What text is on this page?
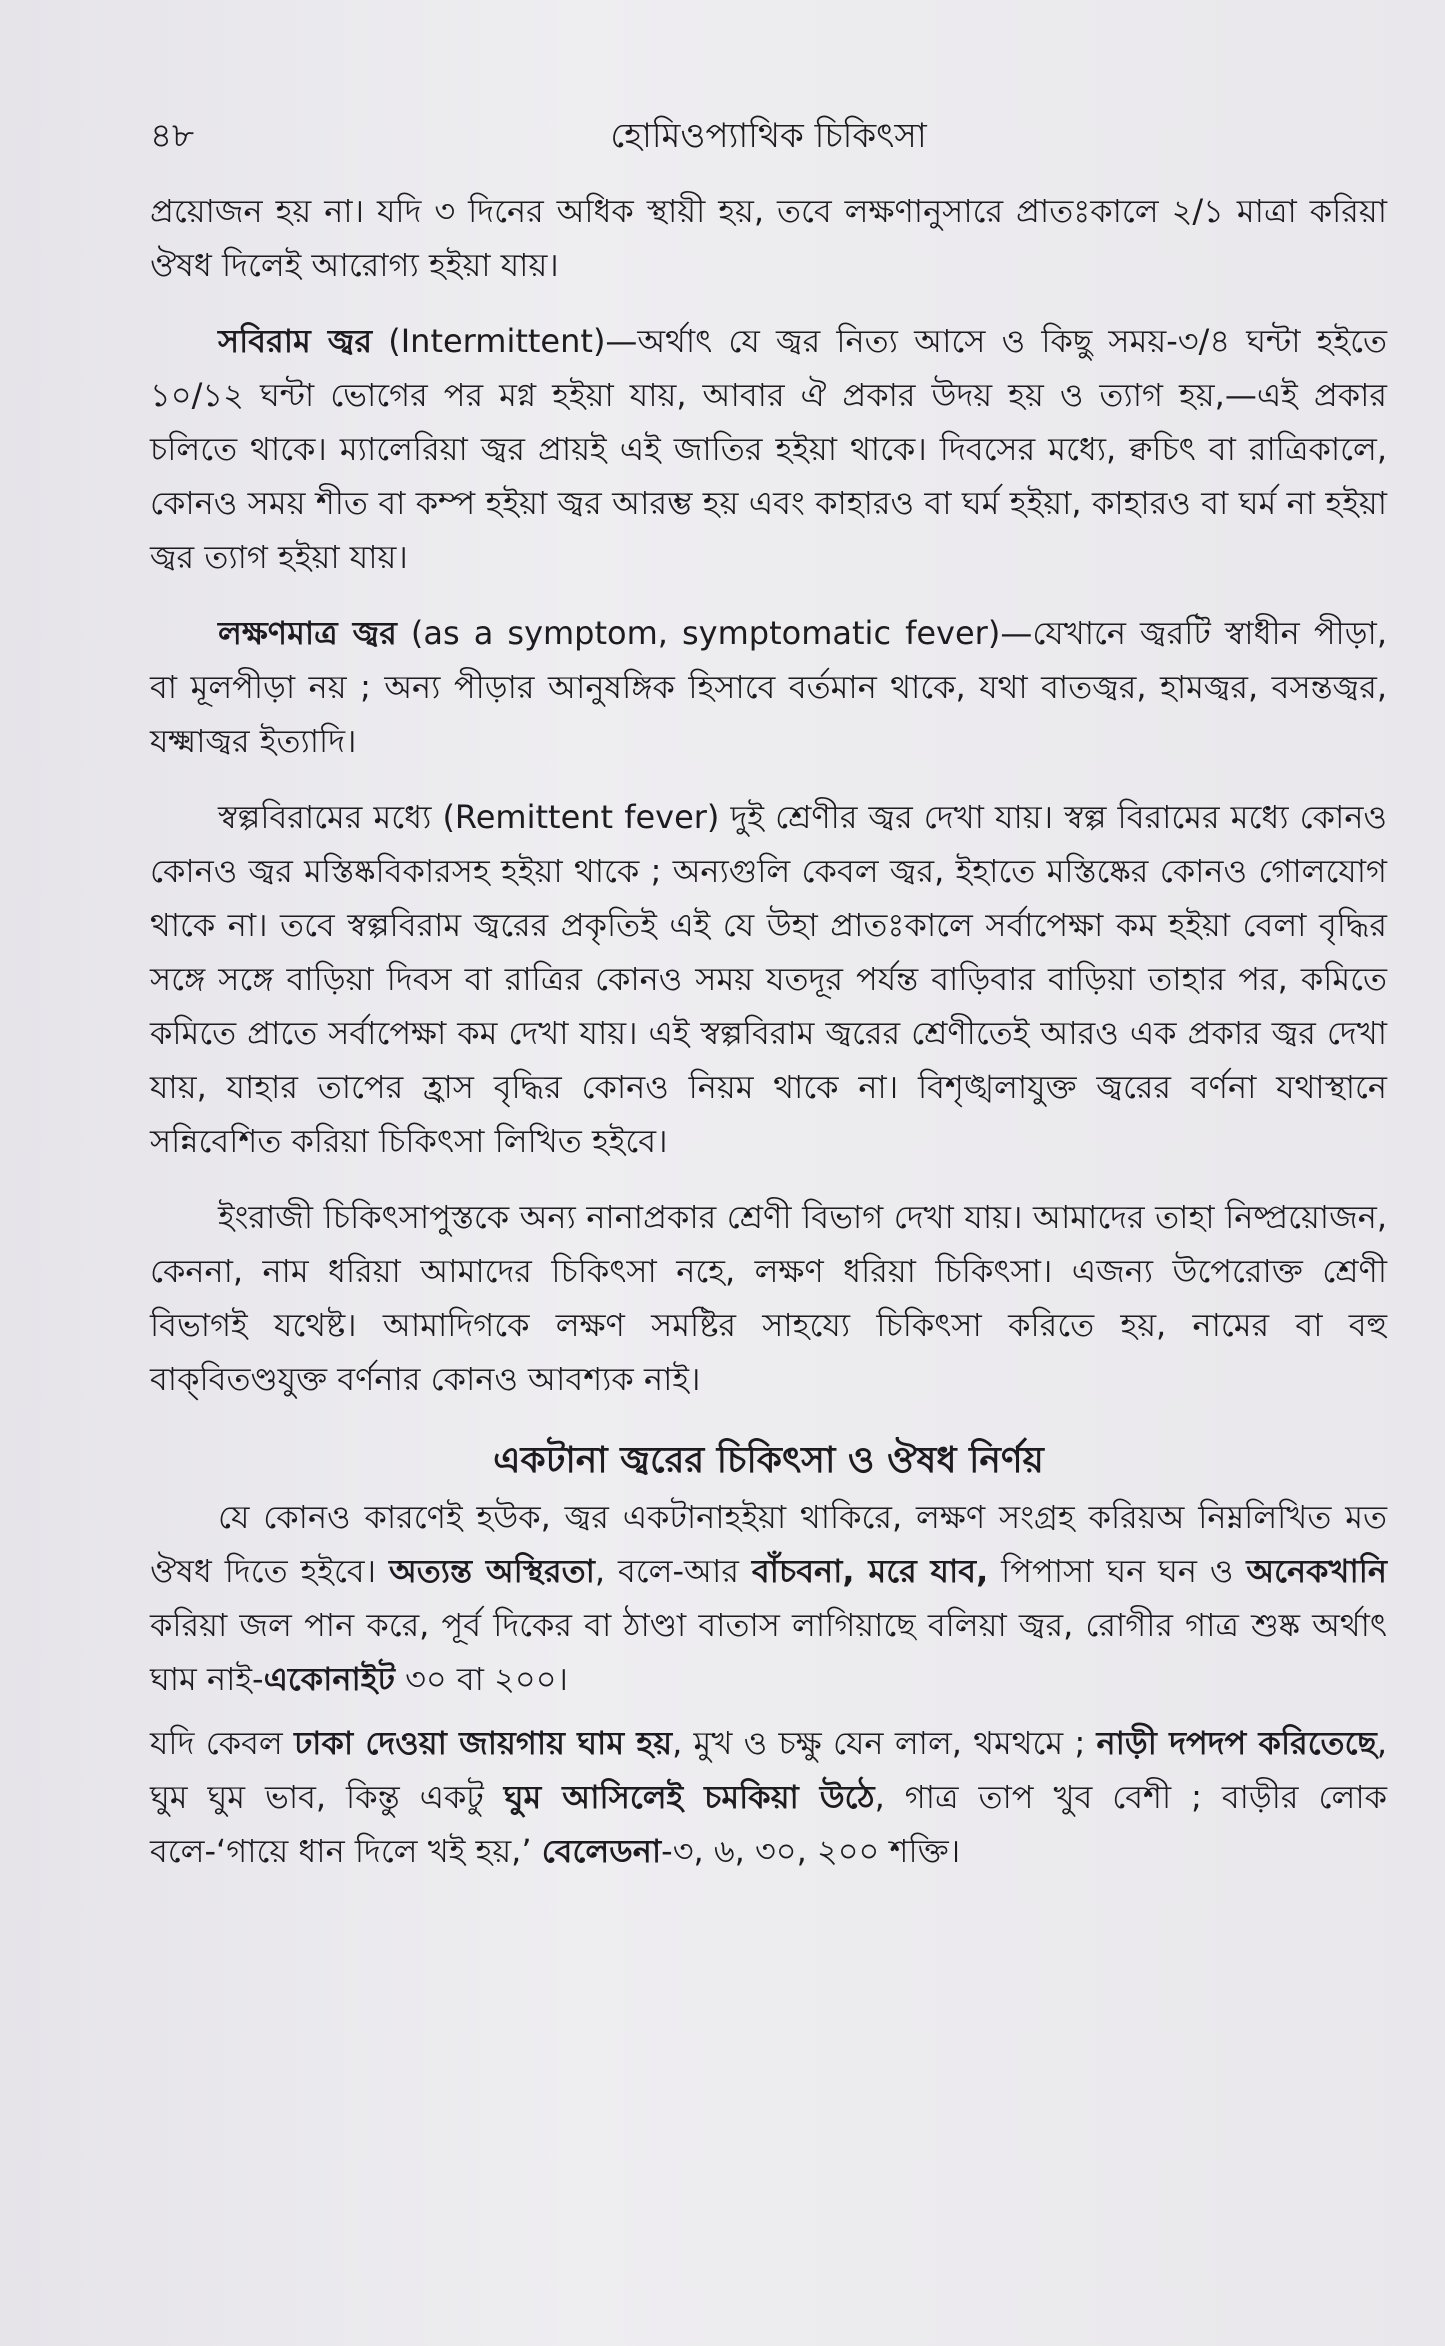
৪৮	হোমিওপ্যাথিক চিকিৎসা

প্রয়োজন হয় না। যদি ৩ দিনের অধিক স্থায়ী হয়, তবে লক্ষণানুসারে প্রাতঃকালে ২/১ মাত্রা করিয়া ঔষধ দিলেই আরোগ্য হইয়া যায়।

সবিরাম জ্বর (Intermittent)—অর্থাৎ যে জ্বর নিত্য আসে ও কিছু সময়-৩/৪ ঘন্টা হইতে ১০/১২ ঘন্টা ভোগের পর মগ্ন হইয়া যায়, আবার ঐ প্রকার উদয় হয় ও ত্যাগ হয়,—এই প্রকার চলিতে থাকে। ম্যালেরিয়া জ্বর প্রায়ই এই জাতির হইয়া থাকে। দিবসের মধ্যে, ক্বচিৎ বা রাত্রিকালে, কোনও সময় শীত বা কম্প হইয়া জ্বর আরম্ভ হয় এবং কাহারও বা ঘর্ম হইয়া, কাহারও বা ঘর্ম না হইয়া জ্বর ত্যাগ হইয়া যায়।

লক্ষণমাত্র জ্বর (as a symptom, symptomatic fever)—যেখানে জ্বরটি স্বাধীন পীড়া, বা মূলপীড়া নয় ; অন্য পীড়ার আনুষঙ্গিক হিসাবে বর্তমান থাকে, যথা বাতজ্বর, হামজ্বর, বসন্তজ্বর, যক্ষ্মাজ্বর ইত্যাদি।

স্বল্পবিরামের মধ্যে (Remittent fever) দুই শ্রেণীর জ্বর দেখা যায়। স্বল্প বিরামের মধ্যে কোনও কোনও জ্বর মস্তিষ্কবিকারসহ হইয়া থাকে ; অন্যগুলি কেবল জ্বর, ইহাতে মস্তিষ্কের কোনও গোলযোগ থাকে না। তবে স্বল্পবিরাম জ্বরের প্রকৃতিই এই যে উহা প্রাতঃকালে সর্বাপেক্ষা কম হইয়া বেলা বৃদ্ধির সঙ্গে সঙ্গে বাড়িয়া দিবস বা রাত্রির কোনও সময় যতদূর পর্যন্ত বাড়িবার বাড়িয়া তাহার পর, কমিতে কমিতে প্রাতে সর্বাপেক্ষা কম দেখা যায়। এই স্বল্পবিরাম জ্বরের শ্রেণীতেই আরও এক প্রকার জ্বর দেখা যায়, যাহার তাপের হ্রাস বৃদ্ধির কোনও নিয়ম থাকে না। বিশৃঙ্খলাযুক্ত জ্বরের বর্ণনা যথাস্থানে সন্নিবেশিত করিয়া চিকিৎসা লিখিত হইবে।

ইংরাজী চিকিৎসাপুস্তকে অন্য নানাপ্রকার শ্রেণী বিভাগ দেখা যায়। আমাদের তাহা নিষ্প্রয়োজন, কেননা, নাম ধরিয়া আমাদের চিকিৎসা নহে, লক্ষণ ধরিয়া চিকিৎসা। এজন্য উপেরোক্ত শ্রেণী বিভাগই যথেষ্ট। আমাদিগকে লক্ষণ সমষ্টির সাহয্যে চিকিৎসা করিতে হয়, নামের বা বহু বাক্‌বিতণ্ডযুক্ত বর্ণনার কোনও আবশ্যক নাই।

একটানা জ্বরের চিকিৎসা ও ঔষধ নির্ণয়

যে কোনও কারণেই হউক, জ্বর একটানাহইয়া থাকিরে, লক্ষণ সংগ্রহ করিয়অ নিম্নলিখিত মত ঔষধ দিতে হইবে। অত্যন্ত অস্থিরতা, বলে-আর বাঁচবনা, মরে যাব, পিপাসা ঘন ঘন ও অনেকখানি করিয়া জল পান করে, পূর্ব দিকের বা ঠাণ্ডা বাতাস লাগিয়াছে বলিয়া জ্বর, রোগীর গাত্র শুষ্ক অর্থাৎ ঘাম নাই-একোনাইট ৩০ বা ২০০।

যদি কেবল ঢাকা দেওয়া জায়গায় ঘাম হয়, মুখ ও চক্ষু যেন লাল, থমথমে ; নাড়ী দপদপ করিতেছে, ঘুম ঘুম ভাব, কিন্তু একটু ঘুম আসিলেই চমকিয়া উঠে, গাত্র তাপ খুব বেশী ; বাড়ীর লোক বলে-‘গায়ে ধান দিলে খই হয়,’ বেলেডনা-৩, ৬, ৩০, ২০০ শক্তি।
